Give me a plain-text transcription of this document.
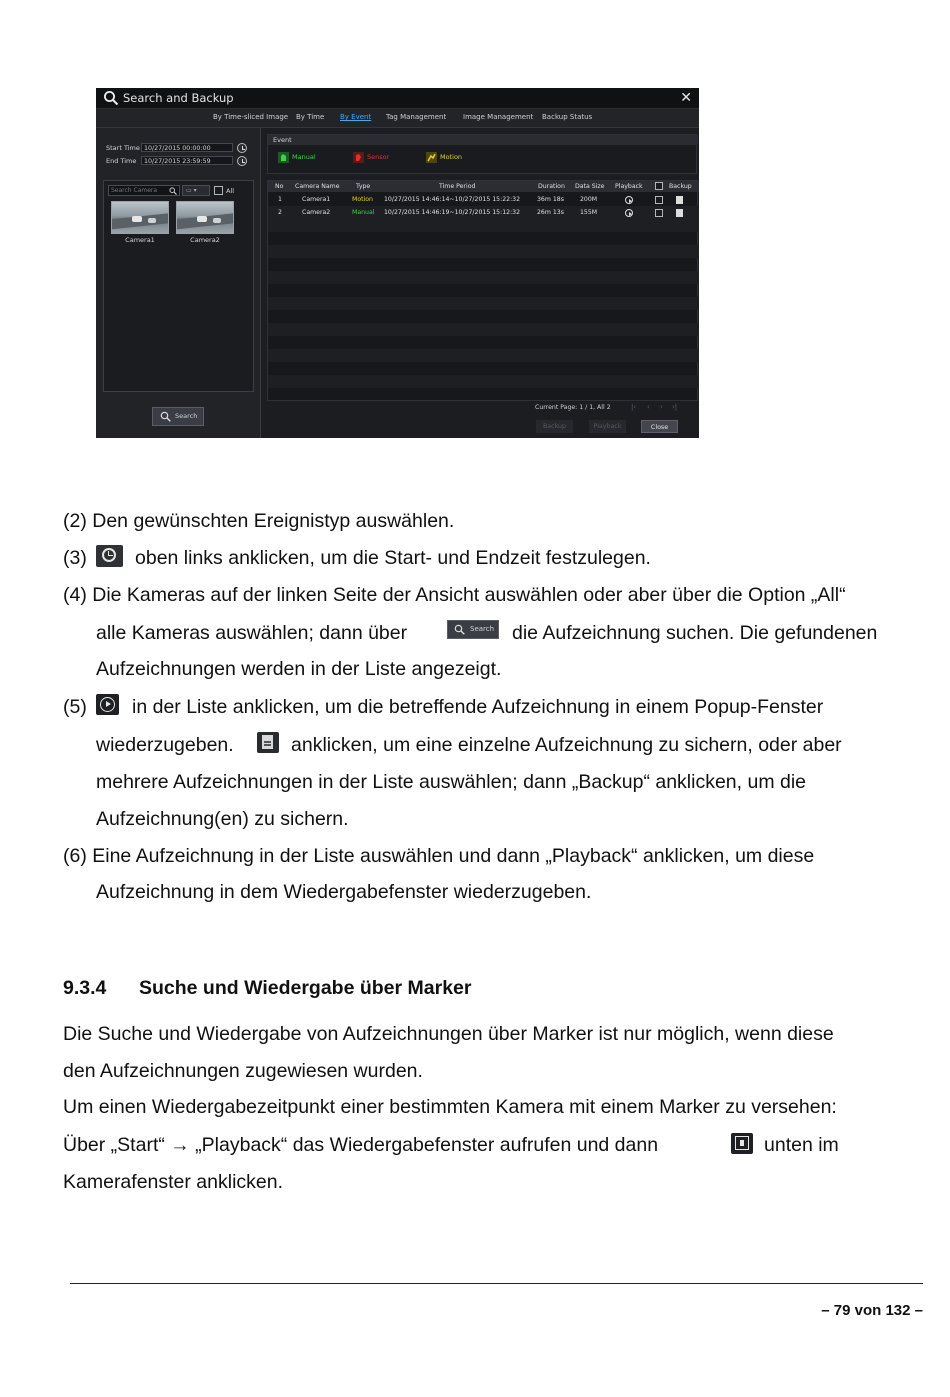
Search and Backup	✕
By Time-sliced Image By Time By Event Tag Management Image Management Backup Status
Start Time 10/27/2015 00:00:00
End Time	10/27/2015 23:59:59
Search Camera	▭ ▾	All
Camera1	Camera2
Search
Event
Manual	Sensor	Motion
No Camera Name	Type	Time Period	Duration Data Size Playback	Backup
1	Camera1	Motion 10/27/2015 14:46:14~10/27/2015 15:22:32	36m 18s	200M
2	Camera2	Manual 10/27/2015 14:46:19~10/27/2015 15:12:32	26m 13s	155M
Current Page: 1 / 1, All 2	|‹ ‹ › ›|
Backup	Playback	Close
(2) Den gewünschten Ereignistyp auswählen.
(3) oben links anklicken, um die Start- und Endzeit festzulegen.
(4) Die Kameras auf der linken Seite der Ansicht auswählen oder aber über die Option „All“
alle Kameras auswählen; dann über	Search die Aufzeichnung suchen. Die gefundenen
Aufzeichnungen werden in der Liste angezeigt.
(5) in der Liste anklicken, um die betreffende Aufzeichnung in einem Popup-Fenster
wiederzugeben.	anklicken, um eine einzelne Aufzeichnung zu sichern, oder aber
mehrere Aufzeichnungen in der Liste auswählen; dann „Backup“ anklicken, um die
Aufzeichnung(en) zu sichern.
(6) Eine Aufzeichnung in der Liste auswählen und dann „Playback“ anklicken, um diese
Aufzeichnung in dem Wiedergabefenster wiederzugeben.
9.3.4 Suche und Wiedergabe über Marker
Die Suche und Wiedergabe von Aufzeichnungen über Marker ist nur möglich, wenn diese
den Aufzeichnungen zugewiesen wurden.
Um einen Wiedergabezeitpunkt einer bestimmten Kamera mit einem Marker zu versehen:
Über „Start“ → „Playback“ das Wiedergabefenster aufrufen und dann	unten im
Kamerafenster anklicken.
– 79 von 132 –
